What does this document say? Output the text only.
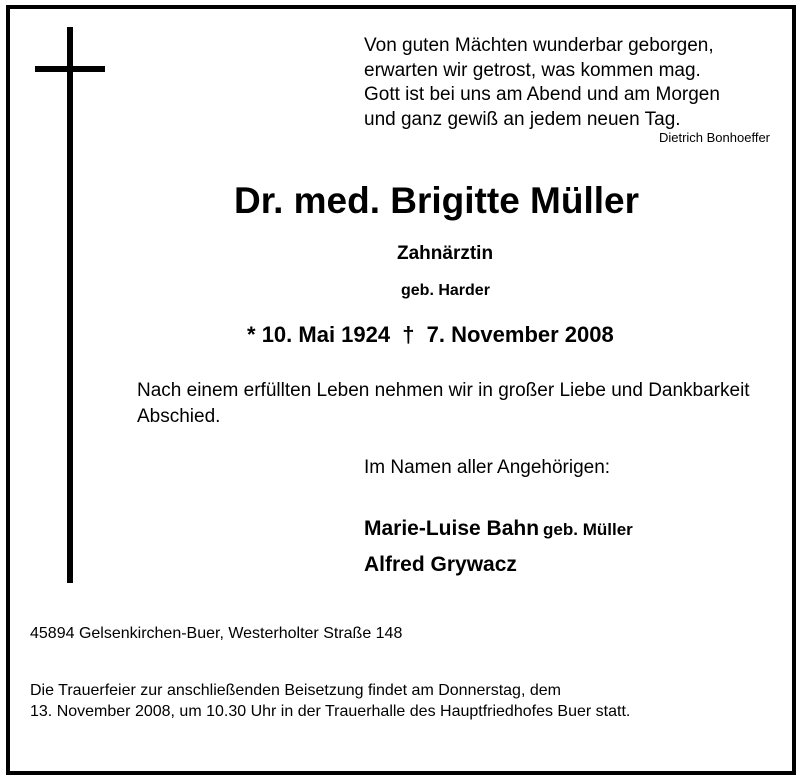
Von guten Mächten wunderbar geborgen,
erwarten wir getrost, was kommen mag.
Gott ist bei uns am Abend und am Morgen
und ganz gewiß an jedem neuen Tag.
Dietrich Bonhoeffer
Dr. med. Brigitte Müller
Zahnärztin
geb. Harder
* 10. Mai 1924 † 7. November 2008
Nach einem erfüllten Leben nehmen wir in großer Liebe und Dankbarkeit Abschied.
Im Namen aller Angehörigen:
Marie-Luise Bahn geb. Müller
Alfred Grywacz
45894 Gelsenkirchen-Buer, Westerholter Straße 148
Die Trauerfeier zur anschließenden Beisetzung findet am Donnerstag, dem
13. November 2008, um 10.30 Uhr in der Trauerhalle des Hauptfriedhofes Buer statt.
